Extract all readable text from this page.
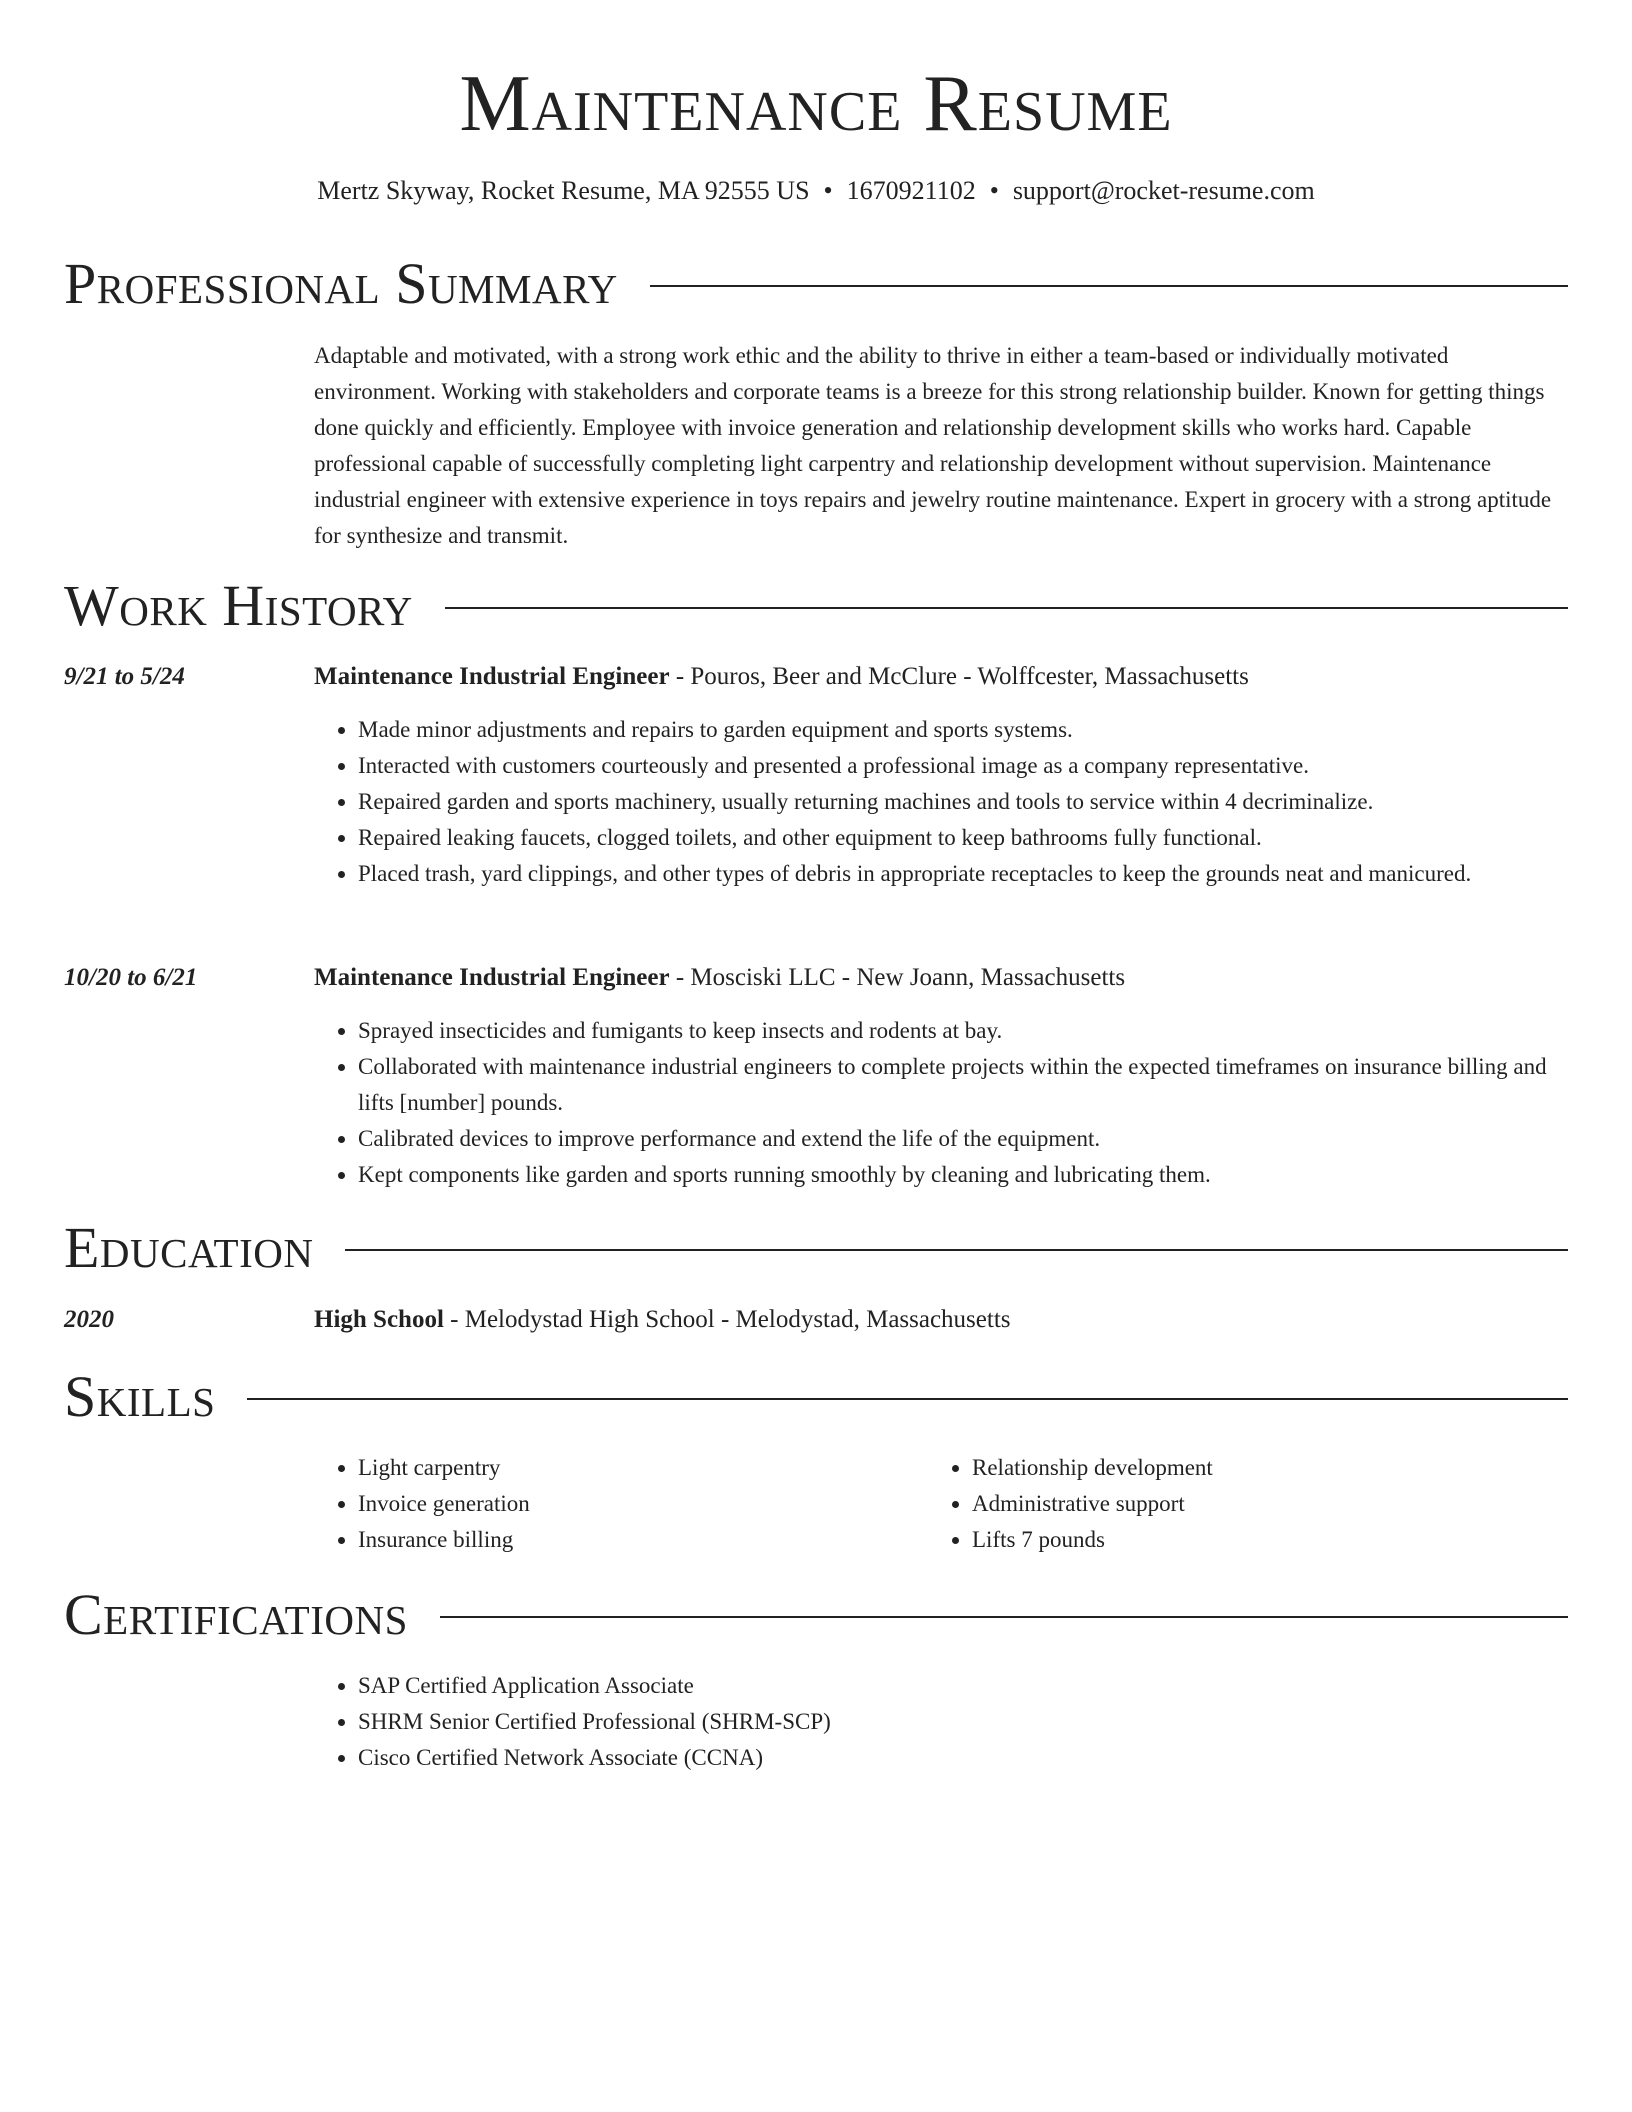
Maintenance Resume
Mertz Skyway, Rocket Resume, MA 92555 US • 1670921102 • support@rocket-resume.com
Professional Summary

Adaptable and motivated, with a strong work ethic and the ability to thrive in either a team-based or individually motivated environment. Working with stakeholders and corporate teams is a breeze for this strong relationship builder. Known for getting things done quickly and efficiently. Employee with invoice generation and relationship development skills who works hard. Capable professional capable of successfully completing light carpentry and relationship development without supervision. Maintenance industrial engineer with extensive experience in toys repairs and jewelry routine maintenance. Expert in grocery with a strong aptitude for synthesize and transmit.

Work History
9/21 to 5/24	Maintenance Industrial Engineer - Pouros, Beer and McClure - Wolffcester, Massachusetts
• Made minor adjustments and repairs to garden equipment and sports systems.
• Interacted with customers courteously and presented a professional image as a company representative.
• Repaired garden and sports machinery, usually returning machines and tools to service within 4 decriminalize.
• Repaired leaking faucets, clogged toilets, and other equipment to keep bathrooms fully functional.
• Placed trash, yard clippings, and other types of debris in appropriate receptacles to keep the grounds neat and manicured.
10/20 to 6/21	Maintenance Industrial Engineer - Mosciski LLC - New Joann, Massachusetts
• Sprayed insecticides and fumigants to keep insects and rodents at bay.
• Collaborated with maintenance industrial engineers to complete projects within the expected timeframes on insurance billing and lifts [number] pounds.
• Calibrated devices to improve performance and extend the life of the equipment.
• Kept components like garden and sports running smoothly by cleaning and lubricating them.
Education
2020	High School - Melodystad High School - Melodystad, Massachusetts
Skills
• Light carpentry
• Invoice generation
• Insurance billing
• Relationship development
• Administrative support
• Lifts 7 pounds
Certifications
• SAP Certified Application Associate
• SHRM Senior Certified Professional (SHRM-SCP)
• Cisco Certified Network Associate (CCNA)
